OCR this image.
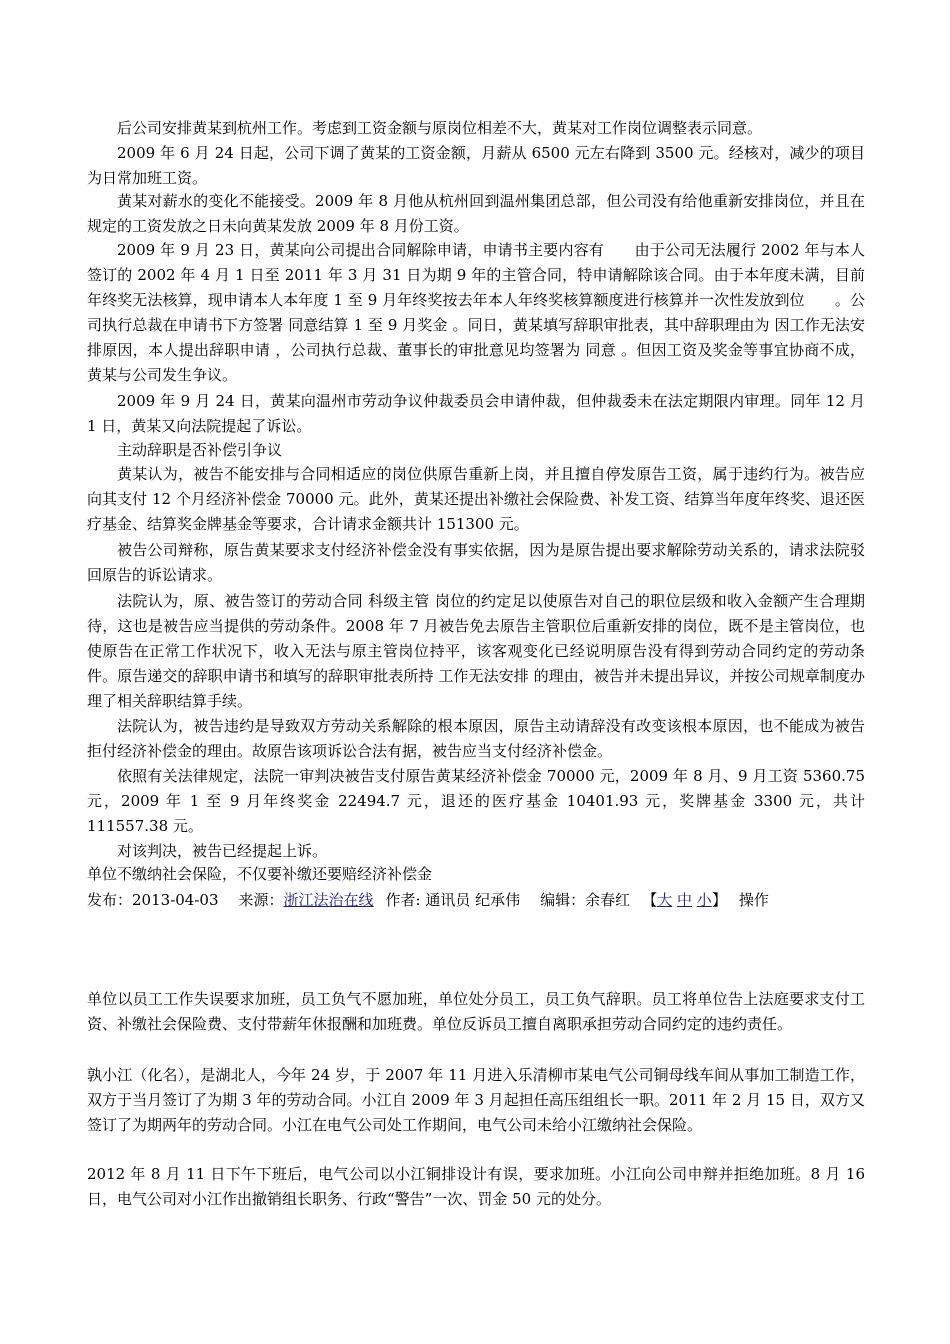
后公司安排黄某到杭州工作。考虑到工资金额与原岗位相差不大，黄某对工作岗位调整表示同意。

2009 年 6 月 24 日起，公司下调了黄某的工资金额，月薪从 6500 元左右降到 3500 元。经核对，减少的项目为日常加班工资。

黄某对薪水的变化不能接受。2009 年 8 月他从杭州回到温州集团总部，但公司没有给他重新安排岗位，并且在规定的工资发放之日未向黄某发放 2009 年 8 月份工资。

2009 年 9 月 23 日，黄某向公司提出合同解除申请，申请书主要内容有　　由于公司无法履行 2002 年与本人签订的 2002 年 4 月 1 日至 2011 年 3 月 31 日为期 9 年的主管合同，特申请解除该合同。由于本年度未满，目前年终奖无法核算，现申请本人本年度 1 至 9 月年终奖按去年本人年终奖核算额度进行核算并一次性发放到位　　。公司执行总裁在申请书下方签署 同意结算 1 至 9 月奖金 。同日，黄某填写辞职审批表，其中辞职理由为 因工作无法安排原因，本人提出辞职申请 ，公司执行总裁、董事长的审批意见均签署为 同意 。但因工资及奖金等事宜协商不成，黄某与公司发生争议。

2009 年 9 月 24 日，黄某向温州市劳动争议仲裁委员会申请仲裁，但仲裁委未在法定期限内审理。同年 12 月 1 日，黄某又向法院提起了诉讼。

主动辞职是否补偿引争议

黄某认为，被告不能安排与合同相适应的岗位供原告重新上岗，并且擅自停发原告工资，属于违约行为。被告应向其支付 12 个月经济补偿金 70000 元。此外，黄某还提出补缴社会保险费、补发工资、结算当年度年终奖、退还医疗基金、结算奖金牌基金等要求，合计请求金额共计 151300 元。

被告公司辩称，原告黄某要求支付经济补偿金没有事实依据，因为是原告提出要求解除劳动关系的，请求法院驳回原告的诉讼请求。

法院认为，原、被告签订的劳动合同 科级主管 岗位的约定足以使原告对自己的职位层级和收入金额产生合理期待，这也是被告应当提供的劳动条件。2008 年 7 月被告免去原告主管职位后重新安排的岗位，既不是主管岗位，也使原告在正常工作状况下，收入无法与原主管岗位持平，该客观变化已经说明原告没有得到劳动合同约定的劳动条件。原告递交的辞职申请书和填写的辞职审批表所持 工作无法安排 的理由，被告并未提出异议，并按公司规章制度办理了相关辞职结算手续。

法院认为，被告违约是导致双方劳动关系解除的根本原因，原告主动请辞没有改变该根本原因，也不能成为被告拒付经济补偿金的理由。故原告该项诉讼合法有据，被告应当支付经济补偿金。

依照有关法律规定，法院一审判决被告支付原告黄某经济补偿金 70000 元，2009 年 8 月、9 月工资 5360.75 元，2009 年 1 至 9 月年终奖金 22494.7 元，退还的医疗基金 10401.93 元，奖牌基金 3300 元，共计 111557.38 元。

对该判决，被告已经提起上诉。

单位不缴纳社会保险，不仅要补缴还要赔经济补偿金

发布：2013-04-03 来源：浙江法治在线 作者: 通讯员 纪承伟 编辑：余春红 【大 中 小】 操作

单位以员工工作失误要求加班，员工负气不愿加班，单位处分员工，员工负气辞职。员工将单位告上法庭要求支付工资、补缴社会保险费、支付带薪年休报酬和加班费。单位反诉员工擅自离职承担劳动合同约定的违约责任。

孰小江（化名），是湖北人，今年 24 岁，于 2007 年 11 月进入乐清柳市某电气公司铜母线车间从事加工制造工作，双方于当月签订了为期 3 年的劳动合同。小江自 2009 年 3 月起担任高压组组长一职。2011 年 2 月 15 日，双方又签订了为期两年的劳动合同。小江在电气公司处工作期间，电气公司未给小江缴纳社会保险。

2012 年 8 月 11 日下午下班后，电气公司以小江铜排设计有误，要求加班。小江向公司申辩并拒绝加班。8 月 16 日，电气公司对小江作出撤销组长职务、行政“警告”一次、罚金 50 元的处分。
